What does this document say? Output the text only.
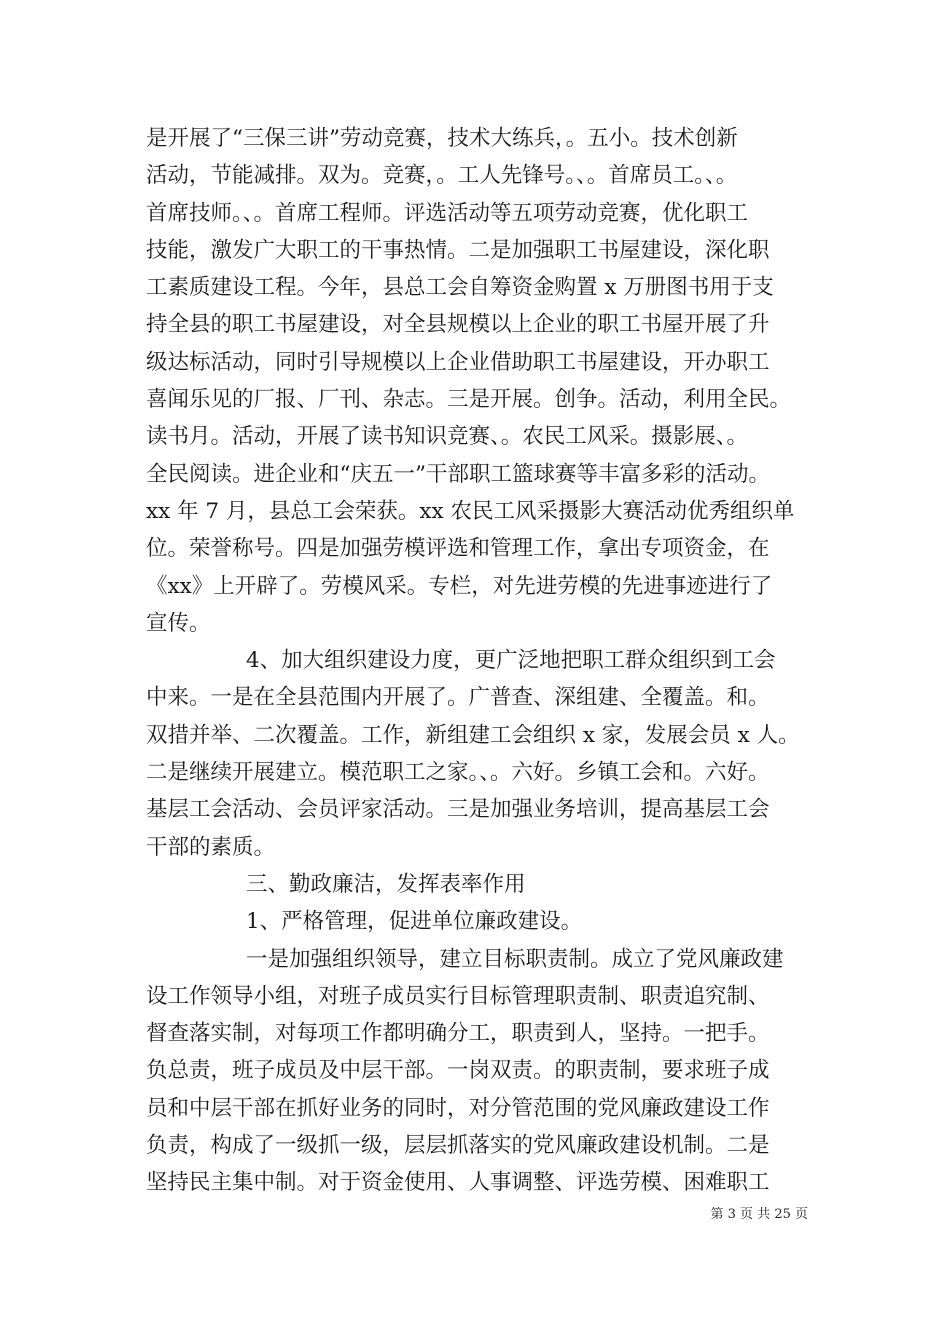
是开展了“三保三讲”劳动竞赛，技术大练兵，。五小。技术创新
活动，节能减排。双为。竞赛，。工人先锋号。、。首席员工。、。
首席技师。、。首席工程师。评选活动等五项劳动竞赛，优化职工
技能，激发广大职工的干事热情。二是加强职工书屋建设，深化职
工素质建设工程。今年，县总工会自筹资金购置 x 万册图书用于支
持全县的职工书屋建设，对全县规模以上企业的职工书屋开展了升
级达标活动，同时引导规模以上企业借助职工书屋建设，开办职工
喜闻乐见的厂报、厂刊、杂志。三是开展。创争。活动，利用全民。
读书月。活动，开展了读书知识竞赛、。农民工风采。摄影展、。
全民阅读。进企业和“庆五一”干部职工篮球赛等丰富多彩的活动。
xx 年 7 月，县总工会荣获。xx 农民工风采摄影大赛活动优秀组织单
位。荣誉称号。四是加强劳模评选和管理工作，拿出专项资金，在
《xx》上开辟了。劳模风采。专栏，对先进劳模的先进事迹进行了
宣传。
4、加大组织建设力度，更广泛地把职工群众组织到工会
中来。一是在全县范围内开展了。广普查、深组建、全覆盖。和。
双措并举、二次覆盖。工作，新组建工会组织 x 家，发展会员 x 人。
二是继续开展建立。模范职工之家。、。六好。乡镇工会和。六好。
基层工会活动、会员评家活动。三是加强业务培训，提高基层工会
干部的素质。
三、勤政廉洁，发挥表率作用
1、严格管理，促进单位廉政建设。
一是加强组织领导，建立目标职责制。成立了党风廉政建
设工作领导小组，对班子成员实行目标管理职责制、职责追究制、
督查落实制，对每项工作都明确分工，职责到人，坚持。一把手。
负总责，班子成员及中层干部。一岗双责。的职责制，要求班子成
员和中层干部在抓好业务的同时，对分管范围的党风廉政建设工作
负责，构成了一级抓一级，层层抓落实的党风廉政建设机制。二是
坚持民主集中制。对于资金使用、人事调整、评选劳模、困难职工
第 3 页 共 25 页
